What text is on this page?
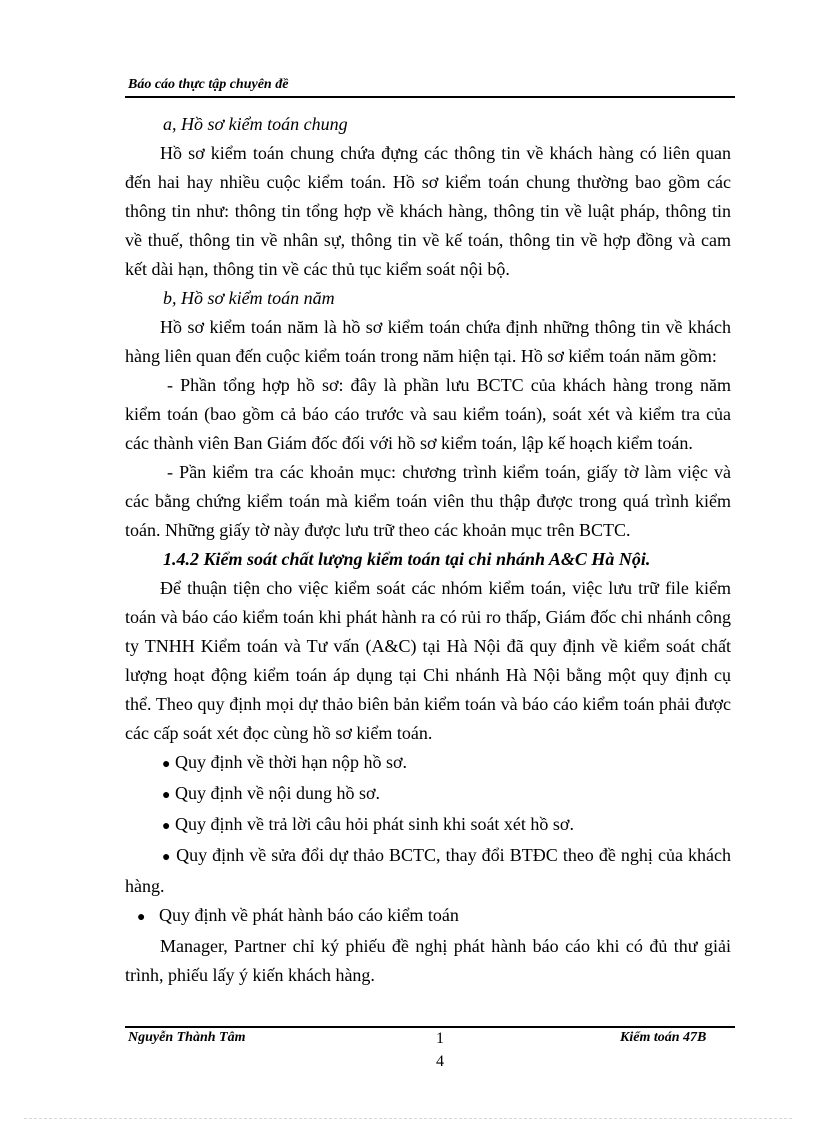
Báo cáo thực tập chuyên đề

a, Hồ sơ kiểm toán chung

Hồ sơ kiểm toán chung chứa đựng các thông tin về khách hàng có liên quan đến hai hay nhiều cuộc kiểm toán. Hồ sơ kiểm toán chung thường bao gồm các thông tin như: thông tin tổng hợp về khách hàng, thông tin về luật pháp, thông tin về thuế, thông tin về nhân sự, thông tin về kế toán, thông tin về hợp đồng và cam kết dài hạn, thông tin về các thủ tục kiểm soát nội bộ.

b, Hồ sơ kiểm toán năm

Hồ sơ kiểm toán năm là hồ sơ kiểm toán chứa định những thông tin về khách hàng liên quan đến cuộc kiểm toán trong năm hiện tại. Hồ sơ kiểm toán năm gồm:

- Phần tổng hợp hồ sơ: đây là phần lưu BCTC của khách hàng trong năm kiểm toán (bao gồm cả báo cáo trước và sau kiểm toán), soát xét và kiểm tra của các thành viên Ban Giám đốc đối với hồ sơ kiểm toán, lập kế hoạch kiểm toán.

- Pần kiểm tra các khoản mục: chương trình kiểm toán, giấy tờ làm việc và các bằng chứng kiểm toán mà kiểm toán viên thu thập được trong quá trình kiểm toán. Những giấy tờ này được lưu trữ theo các khoản mục trên BCTC.

1.4.2 Kiểm soát chất lượng kiểm toán tại chi nhánh A&C Hà Nội.

Để thuận tiện cho việc kiểm soát các nhóm kiểm toán, việc lưu trữ file kiểm toán và báo cáo kiểm toán khi phát hành ra có rủi ro thấp, Giám đốc chi nhánh công ty TNHH Kiểm toán và Tư vấn (A&C) tại Hà Nội đã quy định về kiểm soát chất lượng hoạt động kiểm toán áp dụng tại Chi nhánh Hà Nội bằng một quy định cụ thể. Theo quy định mọi dự thảo biên bản kiểm toán và báo cáo kiểm toán phải được các cấp soát xét đọc cùng hồ sơ kiểm toán.

● Quy định về thời hạn nộp hồ sơ.

● Quy định về nội dung hồ sơ.

● Quy định về trả lời câu hỏi phát sinh khi soát xét hồ sơ.

● Quy định về sửa đổi dự thảo BCTC, thay đổi BTĐC theo đề nghị của khách hàng.

● Quy định về phát hành báo cáo kiểm toán

Manager, Partner chỉ ký phiếu đề nghị phát hành báo cáo khi có đủ thư giải trình, phiếu lấy ý kiến khách hàng.

Nguyễn Thành Tâm	1
4
Kiểm toán 47B
